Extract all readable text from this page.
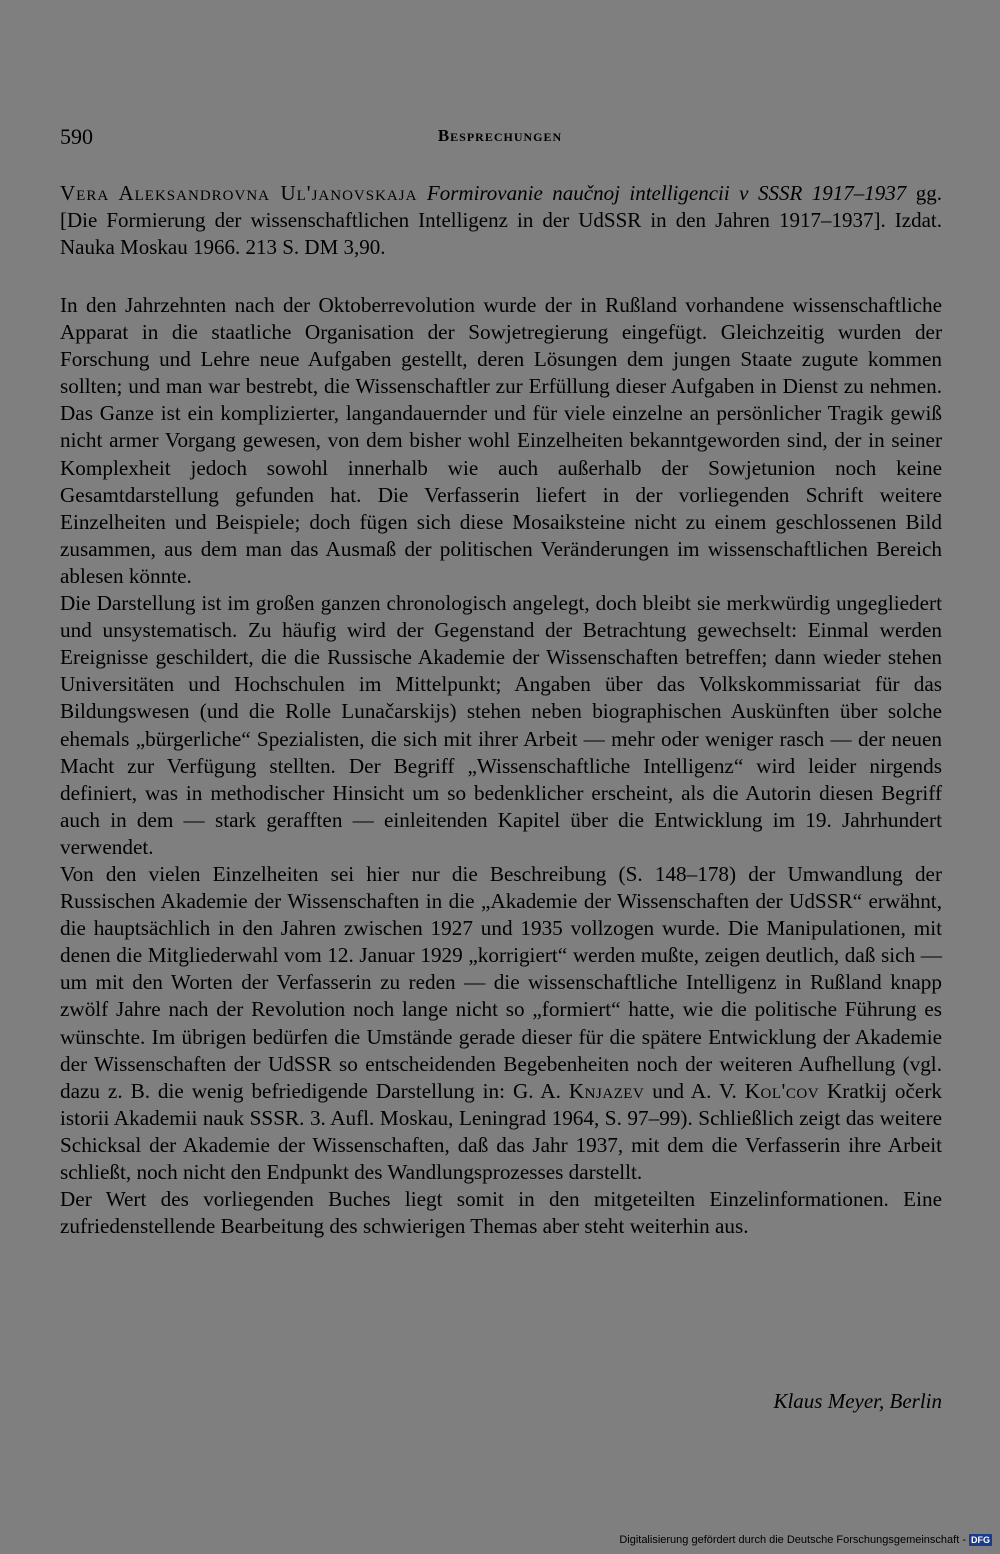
590	Besprechungen
Vera Aleksandrovna Ul'janovskaja Formirovanie naučnoj intelligencii v SSSR 1917–1937 gg. [Die Formierung der wissenschaftlichen Intelligenz in der UdSSR in den Jahren 1917–1937]. Izdat. Nauka Moskau 1966. 213 S. DM 3,90.

In den Jahrzehnten nach der Oktoberrevolution wurde der in Rußland vorhandene wissenschaftliche Apparat in die staatliche Organisation der Sowjetregierung eingefügt. Gleichzeitig wurden der Forschung und Lehre neue Aufgaben gestellt, deren Lösungen dem jungen Staate zugute kommen sollten; und man war bestrebt, die Wissenschaftler zur Erfüllung dieser Aufgaben in Dienst zu nehmen. Das Ganze ist ein komplizierter, langandauernder und für viele einzelne an persönlicher Tragik gewiß nicht armer Vorgang gewesen, von dem bisher wohl Einzelheiten bekanntgeworden sind, der in seiner Komplexheit jedoch sowohl innerhalb wie auch außerhalb der Sowjetunion noch keine Gesamtdarstellung gefunden hat. Die Verfasserin liefert in der vorliegenden Schrift weitere Einzelheiten und Beispiele; doch fügen sich diese Mosaiksteine nicht zu einem geschlossenen Bild zusammen, aus dem man das Ausmaß der politischen Veränderungen im wissenschaftlichen Bereich ablesen könnte.

Die Darstellung ist im großen ganzen chronologisch angelegt, doch bleibt sie merkwürdig ungegliedert und unsystematisch. Zu häufig wird der Gegenstand der Betrachtung gewechselt: Einmal werden Ereignisse geschildert, die die Russische Akademie der Wissenschaften betreffen; dann wieder stehen Universitäten und Hochschulen im Mittelpunkt; Angaben über das Volkskommissariat für das Bildungswesen (und die Rolle Lunačarskijs) stehen neben biographischen Auskünften über solche ehemals „bürgerliche“ Spezialisten, die sich mit ihrer Arbeit — mehr oder weniger rasch — der neuen Macht zur Verfügung stellten. Der Begriff „Wissenschaftliche Intelligenz“ wird leider nirgends definiert, was in methodischer Hinsicht um so bedenklicher erscheint, als die Autorin diesen Begriff auch in dem — stark gerafften — einleitenden Kapitel über die Entwicklung im 19. Jahrhundert verwendet.

Von den vielen Einzelheiten sei hier nur die Beschreibung (S. 148–178) der Umwandlung der Russischen Akademie der Wissenschaften in die „Akademie der Wissenschaften der UdSSR“ erwähnt, die hauptsächlich in den Jahren zwischen 1927 und 1935 vollzogen wurde. Die Manipulationen, mit denen die Mitgliederwahl vom 12. Januar 1929 „korrigiert“ werden mußte, zeigen deutlich, daß sich — um mit den Worten der Verfasserin zu reden — die wissenschaftliche Intelligenz in Rußland knapp zwölf Jahre nach der Revolution noch lange nicht so „formiert“ hatte, wie die politische Führung es wünschte. Im übrigen bedürfen die Umstände gerade dieser für die spätere Entwicklung der Akademie der Wissenschaften der UdSSR so entscheidenden Begebenheiten noch der weiteren Aufhellung (vgl. dazu z. B. die wenig befriedigende Darstellung in: G. A. Knjazev und A. V. Kol'cov Kratkij očerk istorii Akademii nauk SSSR. 3. Aufl. Moskau, Leningrad 1964, S. 97–99). Schließlich zeigt das weitere Schicksal der Akademie der Wissenschaften, daß das Jahr 1937, mit dem die Verfasserin ihre Arbeit schließt, noch nicht den Endpunkt des Wandlungsprozesses darstellt.

Der Wert des vorliegenden Buches liegt somit in den mitgeteilten Einzelinformationen. Eine zufriedenstellende Bearbeitung des schwierigen Themas aber steht weiterhin aus.

Klaus Meyer, Berlin
Digitalisierung gefördert durch die Deutsche Forschungsgemeinschaft - DFG
